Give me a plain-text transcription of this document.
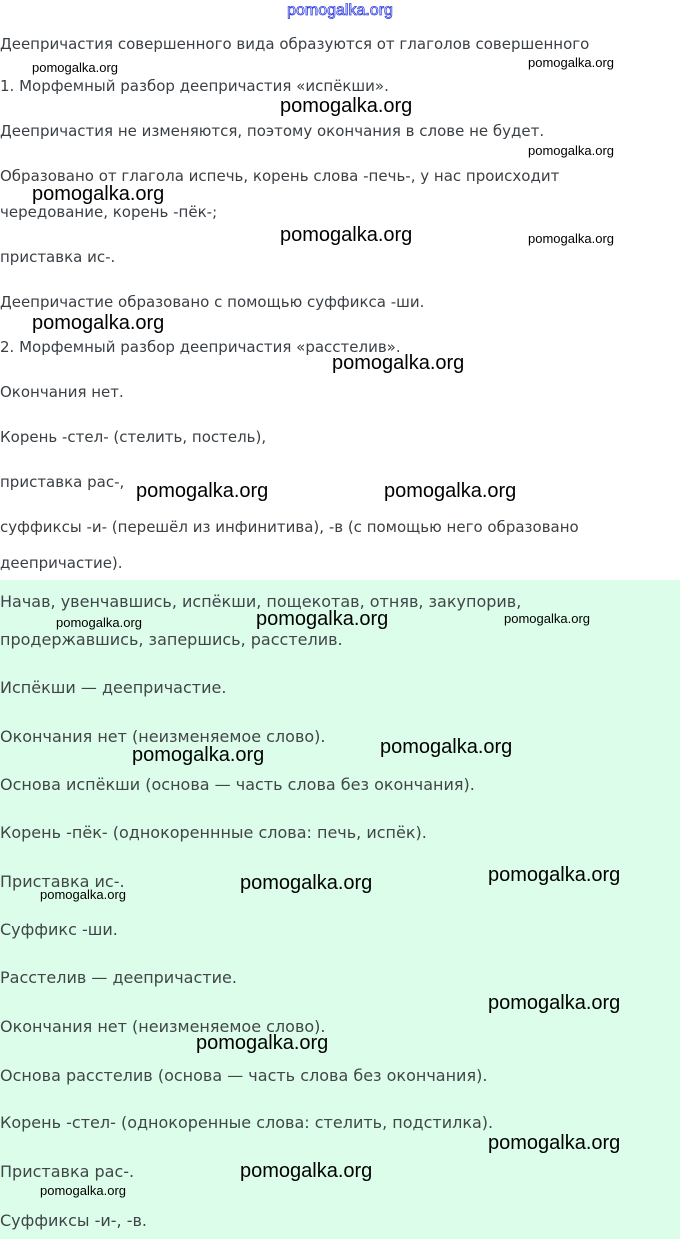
pomogalka.org
Деепричастия совершенного вида образуются от глаголов совершенного
1. Морфемный разбор деепричастия «испёкши».
Деепричастия не изменяются, поэтому окончания в слове не будет.
Образовано от глагола испечь, корень слова -печь-, у нас происходит
чередование, корень -пёк-;
приставка ис-.
Деепричастие образовано с помощью суффикса -ши.
2. Морфемный разбор деепричастия «расстелив».
Окончания нет.
Корень -стел- (стелить, постель),
приставка рас-,
суффиксы -и- (перешёл из инфинитива), -в (с помощью него образовано
деепричастие).
Начав, увенчавшись, испёкши, пощекотав, отняв, закупорив,
продержавшись, запершись, расстелив.
Испёкши — деепричастие.
Окончания нет (неизменяемое слово).
Основа испёкши (основа — часть слова без окончания).
Корень -пёк- (однокореннные слова: печь, испёк).
Приставка ис-.
Суффикс -ши.
Расстелив — деепричастие.
Окончания нет (неизменяемое слово).
Основа расстелив (основа — часть слова без окончания).
Корень -стел- (однокоренные слова: стелить, подстилка).
Приставка рас-.
Суффиксы -и-, -в.
pomogalka.org	pomogalka.org
pomogalka.org
pomogalka.org
pomogalka.org
pomogalka.org	pomogalka.org
pomogalka.org
pomogalka.org
pomogalka.org	pomogalka.org
pomogalka.org
pomogalka.org	pomogalka.org
pomogalka.org
pomogalka.org
pomogalka.org
pomogalka.org
pomogalka.org
pomogalka.org
pomogalka.org
pomogalka.org
pomogalka.org
pomogalka.org
